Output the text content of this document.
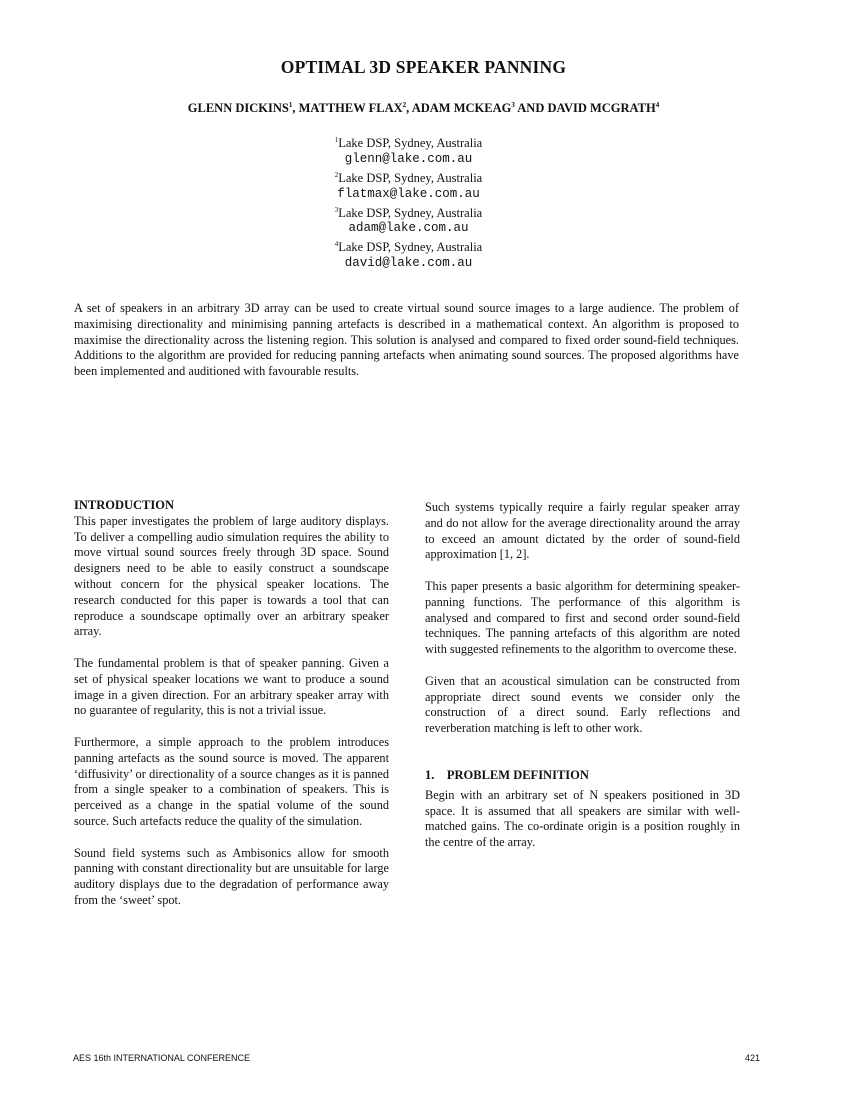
OPTIMAL 3D SPEAKER PANNING
GLENN DICKINS$^1$, MATTHEW FLAX$^2$, ADAM MCKEAG$^3$ AND DAVID MCGRATH$^4$
$^1$Lake DSP, Sydney, Australia
glenn@lake.com.au
$^2$Lake DSP, Sydney, Australia
flatmax@lake.com.au
$^3$Lake DSP, Sydney, Australia
adam@lake.com.au
$^4$Lake DSP, Sydney, Australia
david@lake.com.au
A set of speakers in an arbitrary 3D array can be used to create virtual sound source images to a large audience. The problem of maximising directionality and minimising panning artefacts is described in a mathematical context. An algorithm is proposed to maximise the directionality across the listening region. This solution is analysed and compared to fixed order sound-field techniques. Additions to the algorithm are provided for reducing panning artefacts when animating sound sources. The proposed algorithms have been implemented and auditioned with favourable results.
INTRODUCTION

This paper investigates the problem of large auditory displays. To deliver a compelling audio simulation requires the ability to move virtual sound sources freely through 3D space. Sound designers need to be able to easily construct a soundscape without concern for the physical speaker locations. The research conducted for this paper is towards a tool that can reproduce a soundscape optimally over an arbitrary speaker array.

The fundamental problem is that of speaker panning. Given a set of physical speaker locations we want to produce a sound image in a given direction. For an arbitrary speaker array with no guarantee of regularity, this is not a trivial issue.

Furthermore, a simple approach to the problem introduces panning artefacts as the sound source is moved. The apparent ‘diffusivity’ or directionality of a source changes as it is panned from a single speaker to a combination of speakers. This is perceived as a change in the spatial volume of the sound source. Such artefacts reduce the quality of the simulation.

Sound field systems such as Ambisonics allow for smooth panning with constant directionality but are unsuitable for large auditory displays due to the degradation of performance away from the ‘sweet’ spot.

Such systems typically require a fairly regular speaker array and do not allow for the average directionality around the array to exceed an amount dictated by the order of sound-field approximation [1, 2].

This paper presents a basic algorithm for determining speaker-panning functions. The performance of this algorithm is analysed and compared to first and second order sound-field techniques. The panning artefacts of this algorithm are noted with suggested refinements to the algorithm to overcome these.

Given that an acoustical simulation can be constructed from appropriate direct sound events we consider only the construction of a direct sound. Early reflections and reverberation matching is left to other work.

1. PROBLEM DEFINITION

Begin with an arbitrary set of N speakers positioned in 3D space. It is assumed that all speakers are similar with well-matched gains. The co-ordinate origin is a position roughly in the centre of the array.

AES 16th INTERNATIONAL CONFERENCE	421
